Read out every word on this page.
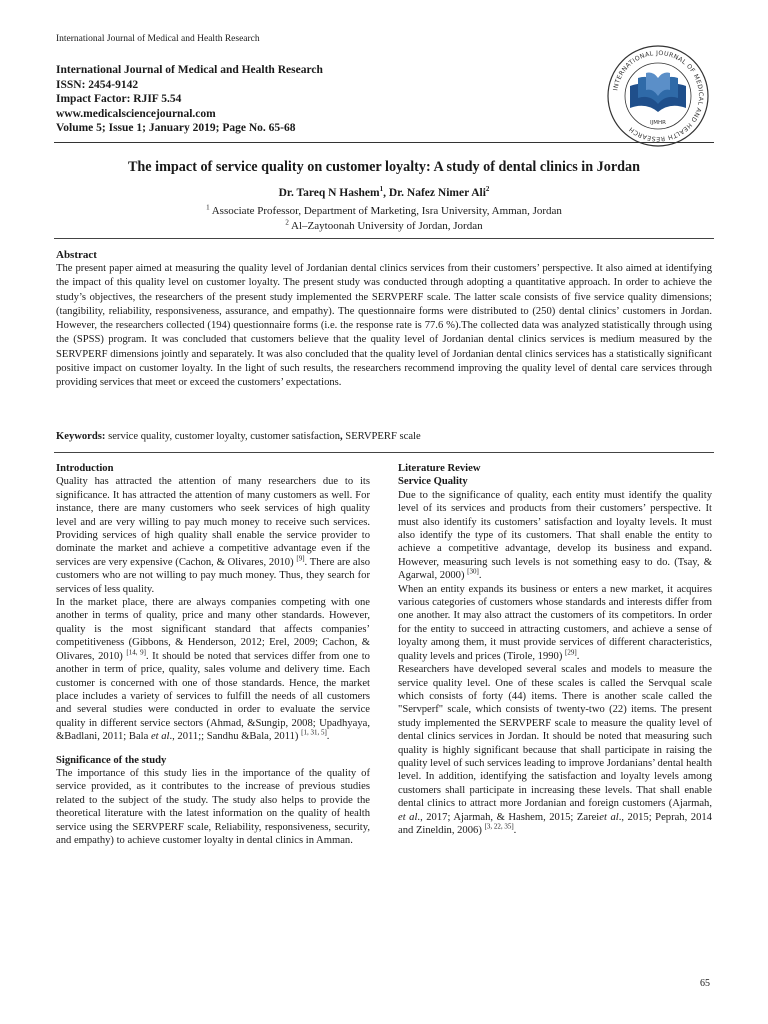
International Journal of Medical and Health Research
International Journal of Medical and Health Research
ISSN: 2454-9142
Impact Factor: RJIF 5.54
www.medicalsciencejournal.com
Volume 5; Issue 1; January 2019; Page No. 65-68
INTERNATIONAL JOURNAL OF MEDICAL AND HEALTH RESEARCH
IJMHR
The impact of service quality on customer loyalty: A study of dental clinics in Jordan
Dr. Tareq N Hashem$^1$, Dr. Nafez Nimer Ali$^2$
$^1$ Associate Professor, Department of Marketing, Isra University, Amman, Jordan
$^2$ Al–Zaytoonah University of Jordan, Jordan
Abstract
The present paper aimed at measuring the quality level of Jordanian dental clinics services from their customers’ perspective. It also aimed at identifying the impact of this quality level on customer loyalty. The present study was conducted through adopting a quantitative approach. In order to achieve the study’s objectives, the researchers of the present study implemented the SERVPERF scale. The latter scale consists of five service quality dimensions; (tangibility, reliability, responsiveness, assurance, and empathy). The questionnaire forms were distributed to (250) dental clinics’ customers in Jordan. However, the researchers collected (194) questionnaire forms (i.e. the response rate is 77.6 %).The collected data was analyzed statistically through using the (SPSS) program. It was concluded that customers believe that the quality level of Jordanian dental clinics services is medium measured by the SERVPERF dimensions jointly and separately. It was also concluded that the quality level of Jordanian dental clinics services has a statistically significant positive impact on customer loyalty. In the light of such results, the researchers recommend improving the quality level of dental care services through providing services that meet or exceed the customers’ expectations.
Keywords: service quality, customer loyalty, customer satisfaction, SERVPERF scale
Introduction

Quality has attracted the attention of many researchers due to its significance. It has attracted the attention of many customers as well. For instance, there are many customers who seek services of high quality level and are very willing to pay much money to receive such services. Providing services of high quality shall enable the service provider to dominate the market and achieve a competitive advantage even if the services are very expensive (Cachon, & Olivares, 2010) [9]. There are also customers who are not willing to pay much money. Thus, they search for services of less quality.

In the market place, there are always companies competing with one another in terms of quality, price and many other standards. However, quality is the most significant standard that affects companies’ competitiveness (Gibbons, & Henderson, 2012; Erel, 2009; Cachon, & Olivares, 2010) [14, 9]. It should be noted that services differ from one to another in term of price, quality, sales volume and delivery time. Each customer is concerned with one of those standards. Hence, the market place includes a variety of services to fulfill the needs of all customers and several studies were conducted in order to evaluate the service quality in different service sectors (Ahmad, &Sungip, 2008; Upadhyaya, &Badlani, 2011; Bala et al., 2011;; Sandhu &Bala, 2011) [1, 31, 5].

Significance of the study

The importance of this study lies in the importance of the quality of service provided, as it contributes to the increase of previous studies related to the subject of the study. The study also helps to provide the theoretical literature with the latest information on the quality of health service using the SERVPERF scale, Reliability, responsiveness, security, and empathy) to achieve customer loyalty in dental clinics in Amman.

Literature Review
Service Quality

Due to the significance of quality, each entity must identify the quality level of its services and products from their customers’ perspective. It must also identify its customers’ satisfaction and loyalty levels. It must also identify the type of its customers. That shall enable the entity to achieve a competitive advantage, develop its business and expand. However, measuring such levels is not something easy to do. (Tsay, & Agarwal, 2000) [30].

When an entity expands its business or enters a new market, it acquires various categories of customers whose standards and interests differ from one another. It may also attract the customers of its competitors. In order for the entity to succeed in attracting customers, and achieve a sense of loyalty among them, it must provide services of different characteristics, quality levels and prices (Tirole, 1990) [29].

Researchers have developed several scales and models to measure the service quality level. One of these scales is called the Servqual scale which consists of forty (44) items. There is another scale called the "Servperf" scale, which consists of twenty-two (22) items. The present study implemented the SERVPERF scale to measure the quality level of dental clinics services in Jordan. It should be noted that measuring such quality is highly significant because that shall participate in raising the quality level of such services leading to improve Jordanians’ dental health level. In addition, identifying the satisfaction and loyalty levels among customers shall participate in increasing these levels. That shall enable dental clinics to attract more Jordanian and foreign customers (Ajarmah, et al., 2017; Ajarmah, & Hashem, 2015; Zareiet al., 2015; Peprah, 2014 and Zineldin, 2006) [3, 22, 35].

65
